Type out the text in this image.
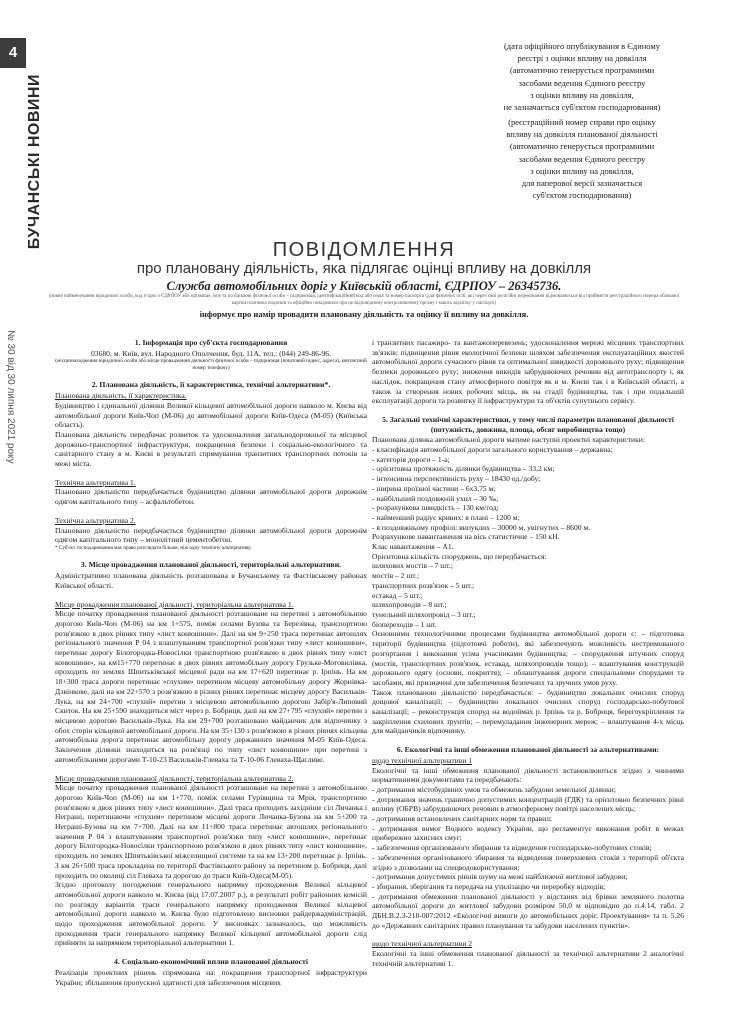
4
БУЧАНСЬКІ НОВИНИ
№ 30 від 30 липня 2021 року

(дата офіційного опублікування в Єдиному

реєстрі з оцінки впливу на довкілля

(автоматично генерується програмними

засобами ведення Єдиного реєстру

з оцінки впливу на довкілля,

не зазначається суб'єктом господарювання)

(реєстраційний номер справи про оцінку

впливу на довкілля планованої діяльності

(автоматично генерується програмними

засобами ведення Єдиного реєстру

з оцінки впливу на довкілля,

для паперової версії зазначається

суб'єктом господарювання)

ПОВІДОМЛЕННЯ
про плановану діяльність, яка підлягає оцінці впливу на довкілля
Служба автомобільних доріг у Київській області, ЄДРПОУ – 26345736.
(повне найменування юридичної особи, код згідно з ЄДРПОУ або прізвище, ім'я та по батькові фізичної особи – підприємця, ідентифікаційний код або серія та номер паспорта (для фізичних осіб, які через свої релігійні переконання відмовляються від прийняття реєстраційного номера облікової картки платника податків та офіційно повідомили про це відповідному контролюючому органу і мають відмітку у паспорті)
інформує про намір провадити плановану діяльність та оцінку її впливу на довкілля.
1. Інформація про суб'єкта господарювання

03680, м. Київ, вул. Народного Ополчення, буд. 11А, тел.: (044) 249-86-96.

(місцезнаходження юридичної особи або місце провадження діяльності фізичної особи – підприємця (поштовий індекс, адреса), контактний номер телефону)

2. Планована діяльність, її характеристика, технічні альтернативи*.

Планована діяльність, її характеристика.

Будівництво і єдинальної ділянки Великої кільцевої автомобільної дороги навколо м. Києва від автомобільної дороги Київ-Чоп (М-06) до автомобільної дороги Київ-Одеса (М-05) (Київська область).

Планована діяльність передбачає розвиток та удосконалення загальнодорожньої та місцевої дорожньо-транспортної інфраструктури, покращення безпеки і соціально-екологічного та санітарного стану в м. Києві в результаті спрямування транзитних транспортних потоків за межі міста.

Технічна альтернатива 1.

Плановано діяльністю передбачається будівництво ділянки автомобільної дороги дорожнім одягом капітального типу – асфальтобетон.

Технічна альтернатива 2.

Плановано діяльністю передбачається будівництво ділянки автомобільної дороги дорожнім одягом капітального типу – монолітний цементобетон.

* Суб'єкт господарювання має право розглядати більше, ніж одну технічну альтернативу.

3. Місце провадження планованої діяльності, територіальні альтернативи.

Адміністративно планована діяльність розташована в Бучанському та Фастівському районах Київської області.

Місце провадження планованої діяльності, територіальна альтернатива 1.

Місце початку провадження планованої діяльності розташоване на перетині з автомобільною дорогою Київ-Чоп (М-06) на км 1+575, поміж селами Бузова та Березівка, транспортною розв'язкою в двох рівнях типу «лист конюшини». Далі на км 9+250 траса перетинає автошлях регіонального значення Р 04 з влаштуванням транспортної розв'язки типу «лист конюшини», перетинає дорогу Білогородка-Новосілки транспортною розв'язкою в двох рівнях типу «лист конюшини», на км15+770 перетинає в двох рівнях автомобільну дорогу Грузьке-Мотовилівка, проходить по землях Шпитьківської місцевої ради на км 17+620 перетинає р. Ірпінь. На км 18+300 траса дороги перетинає «глухим» перетином місцеву автомобільну дорогу Жорнівка-Дзвінкове, далі на км 22+570 з розв'язкою в різних рівнях перетинає місцеву дорогу Васильків-Лука, на км 24+700 «глухий» перетин з місцевою автомобільною дорогою Забір'я-Липовий Скиток. На км 25+590 знаходиться міст через р. Бобриця, далі на км 27+795 «глухий» перетин з місцевою дорогою Васильків-Лука. На км 29+700 розташовано майданчик для відпочинку з обох сторін кільцевої автомобільної дороги. На км 35+130 з розв'язкою в різних рівнях кільцева автомобільна дорога перетинає автомобільну дорогу державного значення М-05 Київ-Одеса. Закінчення ділянки знаходиться на розв'язці по типу «лист конюшини» при перетині з автомобільними дорогами Т-10-23 Васильків-Глеваха та Т-10-06 Глеваха-Щасливе.

Місце провадження планованої діяльності, територіальна альтернатива 2.

Місце початку провадження планованої діяльності розташоване на перетині з автомобільною дорогою Київ-Чоп (М-06) на км 1+770, поміж селами Гурівщина та Мрія, транспортною розв'язкою в двох рівнях типу «лист конюшини». Далі траса проходить західніше сіл Личанка і Неграші, перетинаючи «глухим» перетином місцеві дороги Личанка-Бузова на км 5+200 та Неграші-Бузова на км 7+700. Далі на км 11+800 траса перетинає автошлях регіонального значення Р 04 з влаштуванням транспортної розв'язки типу «лист конюшини», перетинає дорогу Білогородка-Новосілки транспортною розв'язкою в двох рівнях типу «лист конюшини», проходить по землях Шпитьківської міжселищної системи та на км 13+200 перетинає р. Ірпінь. З км 26+500 траса прокладена по території Фастівського району за перетином р. Бобриця, далі проходить по околиці сіл Глеваха та дорогою до траси Київ-Одеса(М-05).

Згідно протоколу погодження генерального напрямку проходження Великої кільцевої автомобільної дороги навколо м. Києва (від 17.07.2007 р.), в результаті робіт районних комісій по розгляду варіантів траси генерального напрямку проходження Великої кільцевої автомобільної дороги навколо м. Києва було підготовлено висновки райдержадміністрацій, щодо проходження автомобільної дороги. У висновках зазначалось, що можливість проходження траси генерального напрямку Великої кільцевої автомобільної дороги слід прийняти за напрямком територіальної альтернативи 1.

4. Соціально-економічний вплив планованої діяльності

Реалізація проектних рішень спрямована на: покращення транспортної інфраструктури України; збільшення пропускної здатності для забезпечення місцевих

і транзитних пасажиро- та вантажоперевезень; удосконалення мережі місцевих транспортних зв'язків; підвищення рівня екологічної безпеки шляхом забезпечення експлуатаційних якостей автомобільної дороги сучасного рівня та оптимальної швидкості дорожнього руху; підвищення безпеки дорожнього руху; зниження викидів забруднюючих речовин від автотранспорту і, як наслідок, покращення стану атмосферного повітря як в м. Києві так і в Київській області, а також за створення нових робочих місць, як на стадії будівництва, так і при подальшій експлуатації дороги та розвитку її інфраструктури та об'єктів супутнього сервісу.

5. Загальні технічні характеристики, у тому числі параметри планованої діяльності (потужність, довжина, площа, обсяг виробництва тощо)

Планована ділянка автомобільної дороги матиме наступні проектні характеристики:

- класифікація автомобільної дороги загального користування – державна;

- категорія дороги – 1-а;

- орієнтовна протяжність ділянки будівництва – 33,2 км;

- інтенсивна перспективність руху – 18430 од./добу;

- ширина проїзної частини – 6х3,75 м;

- найбільший поздовжній ухил – 30 ‰;

- розрахункова швидкість – 130 км/год;

- найменший радіус кривих: в плані – 1200 м;

- в поздовжньому профілі: випуклих – 30000 м, увігнутих – 8600 м.

Розрахункове навантаження на вісь статистичне – 150 кН.

Клас навантаження – А1.

Орієнтовна кількість споруджень, що передбачається:

шляхових мостів – 7 шт.;

мостів – 2 шт.;

транспортних розв'язок – 5 шт.;

естакад – 5 шт.;

шляхопроводів – 8 шт.;

тунельний шляхопровід – 3 шт.;

біопереходів – 1 шт.

Основними технологічними процесами будівництва автомобільної дороги є: – підготовка території будівництва (підготовчі роботи), які забезпечують можливість нестримованого розгортання і виконання усіма учасниками будівництва; – спорудження штучних споруд (мостів, транспортних розв'язок, естакад, шляхопроводів тощо); – влаштування конструкцій дорожнього одягу (основи, покриття); – облаштування дороги спеціальними спорудами та засобами, які призначені для забезпечення безпечних та зручних умов руху.

Також планованою діяльністю передбачається: – будівництво локальних очисних споруд дощової каналізації; – будівництво локальних очисних споруд господарсько-побутової каналізації; – реконструкція споруд на водоймах р. Ірпінь та р. Бобриця, берегоукріплення та закріплення схилових ґрунтів; – перемуладання інженерних мереж; – влаштування 4-х місць для майданчиків відпочинку.

6. Екологічні та інші обмеження планованої діяльності за альтернативами:

щодо технічної альтернативи 1

Екологічні та інші обмеження планованої діяльності встановлюються згідно з чинними нормативними документами та передбачають:

- дотримання містобудівних умов та обмежень забудови земельної ділянки;

- дотримання значень гранично допустимих концентрацій (ГДК) та орієнтовно безпечних рівні впливу (ОБРВ) забруднюючих речовин в атмосферному повітрі населених місць;

- дотримання встановлених санітарних норм та правил;

- дотримання вимог Водного кодексу України, що регламентує виконання робіт в межах прибережно захисних смуг;

- забезпечення організованого збирання та відведення господарсько-побутових стоків;

- забезпечення організованого збирання та відведення поверхневих стоків з території об'єкта згідно з дозволами на спецводокористування;

- дотримання допустимих рівнів шуму на межі найближчої житлової забудови;

- збирання, зберігання та передача на утилізацію чи переробку відходів;

- дотримання обмеження планованої діяльності у відстанях від брівки земляного полотна автомобільної дороги до житлової забудови розміром 50,0 м відповідно до п.4.14, табл. 2 ДБН.В.2.3-218-007:2012 «Екологічні вимоги до автомобільних доріг. Проектування» та п. 5.26 до «Державних санітарних правил планування та забудови населених пунктів».

щодо технічної альтернативи 2

Екологічні та інші обмеження планованої діяльності за технічної альтернативи 2 аналогічні технічній альтернативі 1.
